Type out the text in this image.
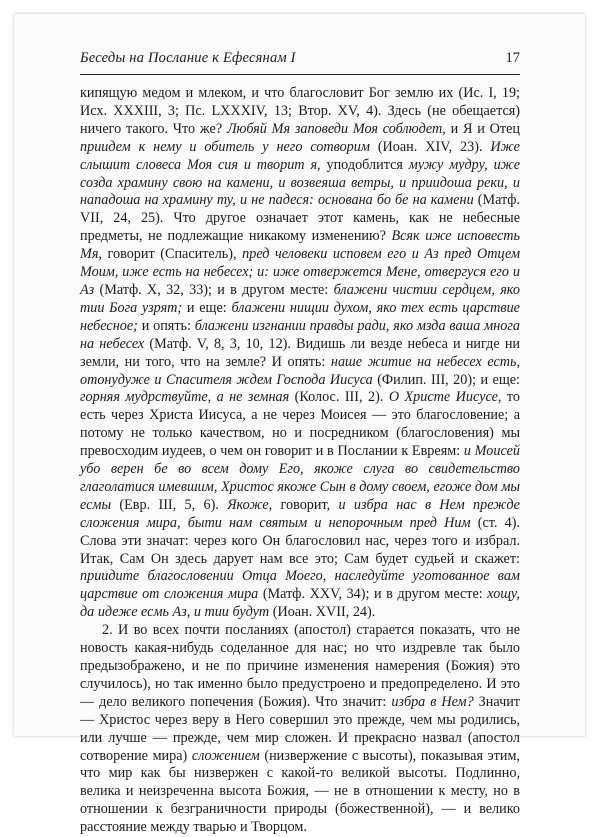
Беседы на Послание к Ефесянам I	17

кипящую медом и млеком, и что благословит Бог землю их (Ис. I, 19; Исх. XXXIII, 3; Пс. LXXXIV, 13; Втор. XV, 4). Здесь (не обещается) ничего такого. Что же? Любяй Мя заповеди Моя соблюдет, и Я и Отец приидем к нему и обитель у него сотворим (Иоан. XIV, 23). Иже слышит словеса Моя сия и творит я, уподоблится мужу мудру, иже созда храмину свою на камени, и возвеяша ветры, и приидоша реки, и нападоша на храмину ту, и не падеся: основана бо бе на камени (Матф. VII, 24, 25). Что другое означает этот камень, как не небесные предметы, не подлежащие никакому изменению? Всяк иже исповесть Мя, говорит (Спаситель), пред человеки исповем его и Аз пред Отцем Моим, иже есть на небесех; и: иже отвержется Мене, отвергуся его и Аз (Матф. X, 32, 33); и в другом месте: блажени чистии сердцем, яко тии Бога узрят; и еще: блажени нищии духом, яко тех есть царствие небесное; и опять: блажени изгнании правды ради, яко мзда ваша многа на небесех (Матф. V, 8, 3, 10, 12). Видишь ли везде небеса и нигде ни земли, ни того, что на земле? И опять: наше житие на небесех есть, отонудуже и Спасителя ждем Господа Иисуса (Филип. III, 20); и еще: горняя мудрствуйте, а не земная (Колос. III, 2). О Христе Иисусе, то есть через Христа Иисуса, а не через Моисея — это благословение; а потому не только качеством, но и посредником (благословения) мы превосходим иудеев, о чем он говорит и в Послании к Евреям: и Моисей убо верен бе во всем дому Его, якоже слуга во свидетельство глаголатися имевшим, Христос якоже Сын в дому своем, егоже дом мы есмы (Евр. III, 5, 6). Якоже, говорит, и избра нас в Нем прежде сложения мира, быти нам святым и непорочным пред Ним (ст. 4). Слова эти значат: через кого Он благословил нас, через того и избрал. Итак, Сам Он здесь дарует нам все это; Сам будет судьей и скажет: приидите благословении Отца Моего, наследуйте уготованное вам царствие от сложения мира (Матф. XXV, 34); и в другом месте: хощу, да идеже есмь Аз, и тии будут (Иоан. XVII, 24).

2. И во всех почти посланиях (апостол) старается показать, что не новость какая-нибудь соделанное для нас; но что издревле так было предызображено, и не по причине изменения намерения (Божия) это случилось), но так именно было предустроено и предопределено. И это — дело великого попечения (Божия). Что значит: избра в Нем? Значит — Христос через веру в Него совершил это прежде, чем мы родились, или лучше — прежде, чем мир сложен. И прекрасно назвал (апостол сотворение мира) сложением (низвержение с высоты), показывая этим, что мир как бы низвержен с какой-то великой высоты. Подлинно, велика и неизреченна высота Божия, — не в отношении к месту, но в отношении к безграничности природы (божественной), — и велико расстояние между тварью и Творцом.
